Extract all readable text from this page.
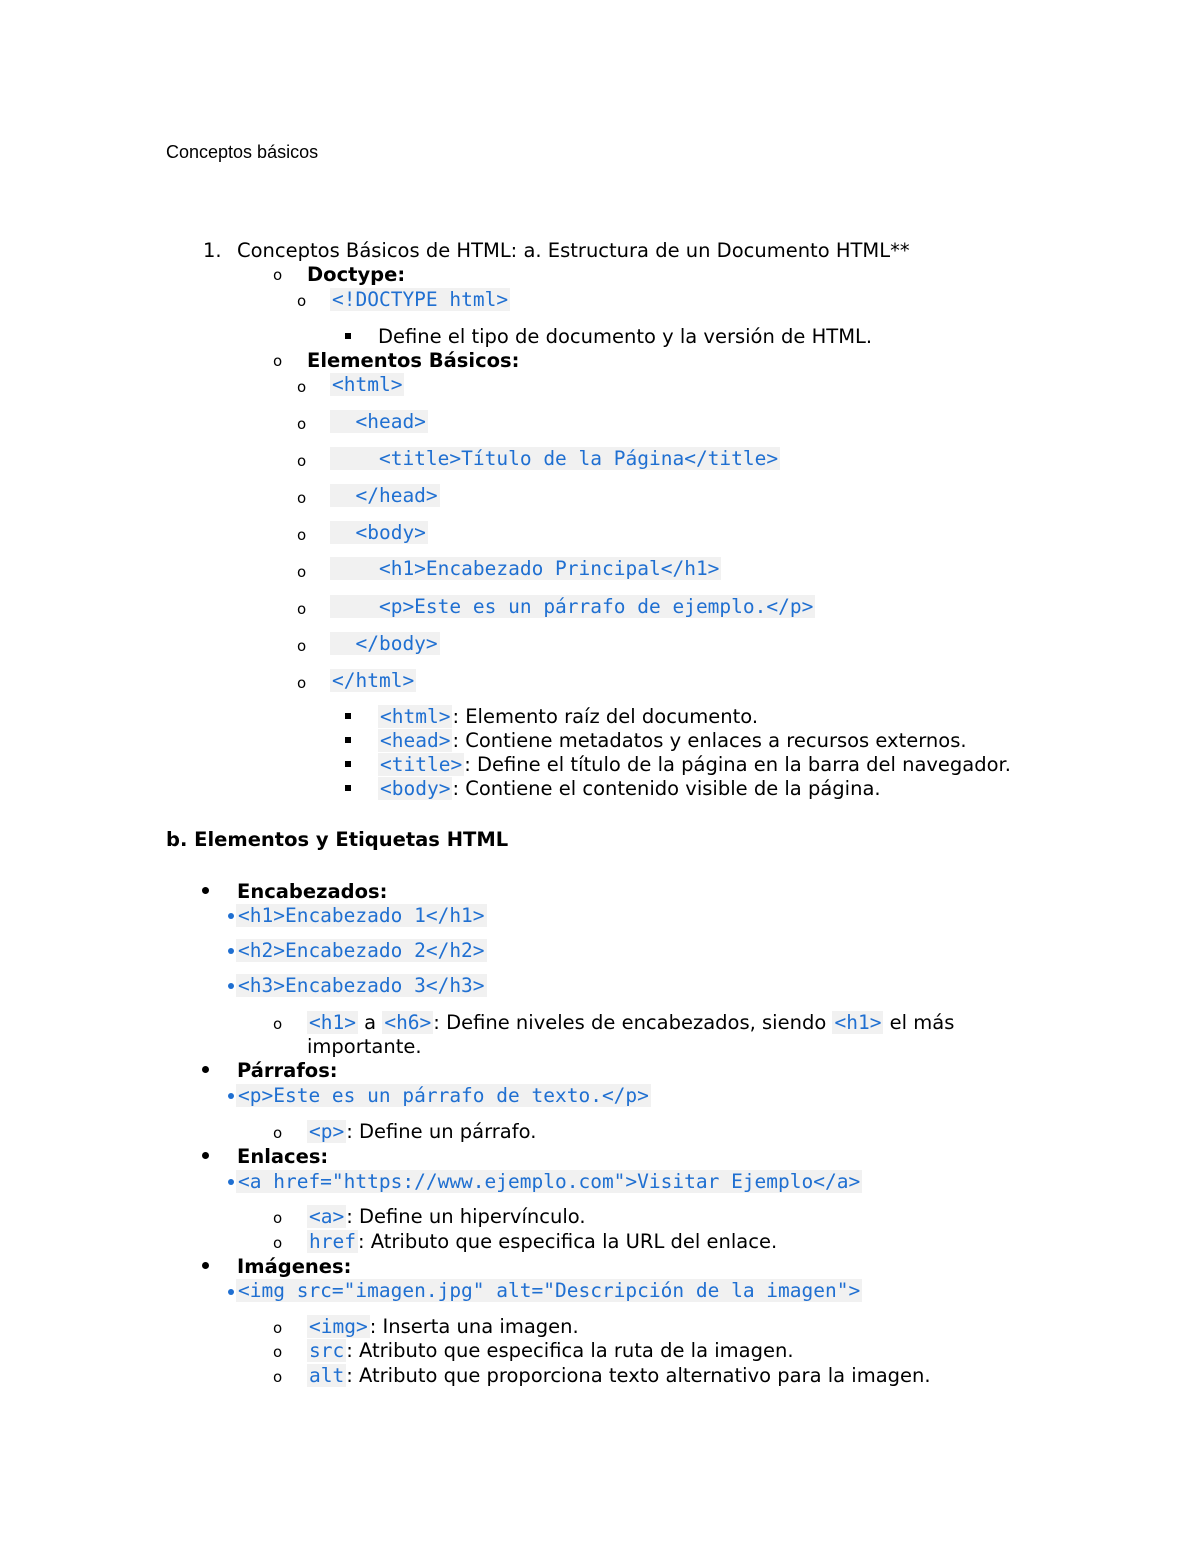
Conceptos básicos
1. Conceptos Básicos de HTML: a. Estructura de un Documento HTML**
o Doctype:
o <!DOCTYPE html>
Define el tipo de documento y la versión de HTML.
o Elementos Básicos:
o <html>
o <head>
o <title>Título de la Página</title>
o </head>
o <body>
o <h1>Encabezado Principal</h1>
o <p>Este es un párrafo de ejemplo.</p>
o </body>
o </html>
<html> : Elemento raíz del documento.
<head> : Contiene metadatos y enlaces a recursos externos.
<title> : Define el título de la página en la barra del navegador.
<body> : Contiene el contenido visible de la página.
b. Elementos y Etiquetas HTML
Encabezados:
<h1>Encabezado 1</h1>
<h2>Encabezado 2</h2>
<h3>Encabezado 3</h3>
o <h1> a <h6> : Define niveles de encabezados, siendo <h1> el más
importante.
Párrafos:
<p>Este es un párrafo de texto.</p>
o <p> : Define un párrafo.
Enlaces:
<a href="https://www.ejemplo.com">Visitar Ejemplo</a>
o <a> : Define un hipervínculo.
o href : Atributo que especifica la URL del enlace.
Imágenes:
<img src="imagen.jpg" alt="Descripción de la imagen">
o <img> : Inserta una imagen.
o src : Atributo que especifica la ruta de la imagen.
o alt : Atributo que proporciona texto alternativo para la imagen.
